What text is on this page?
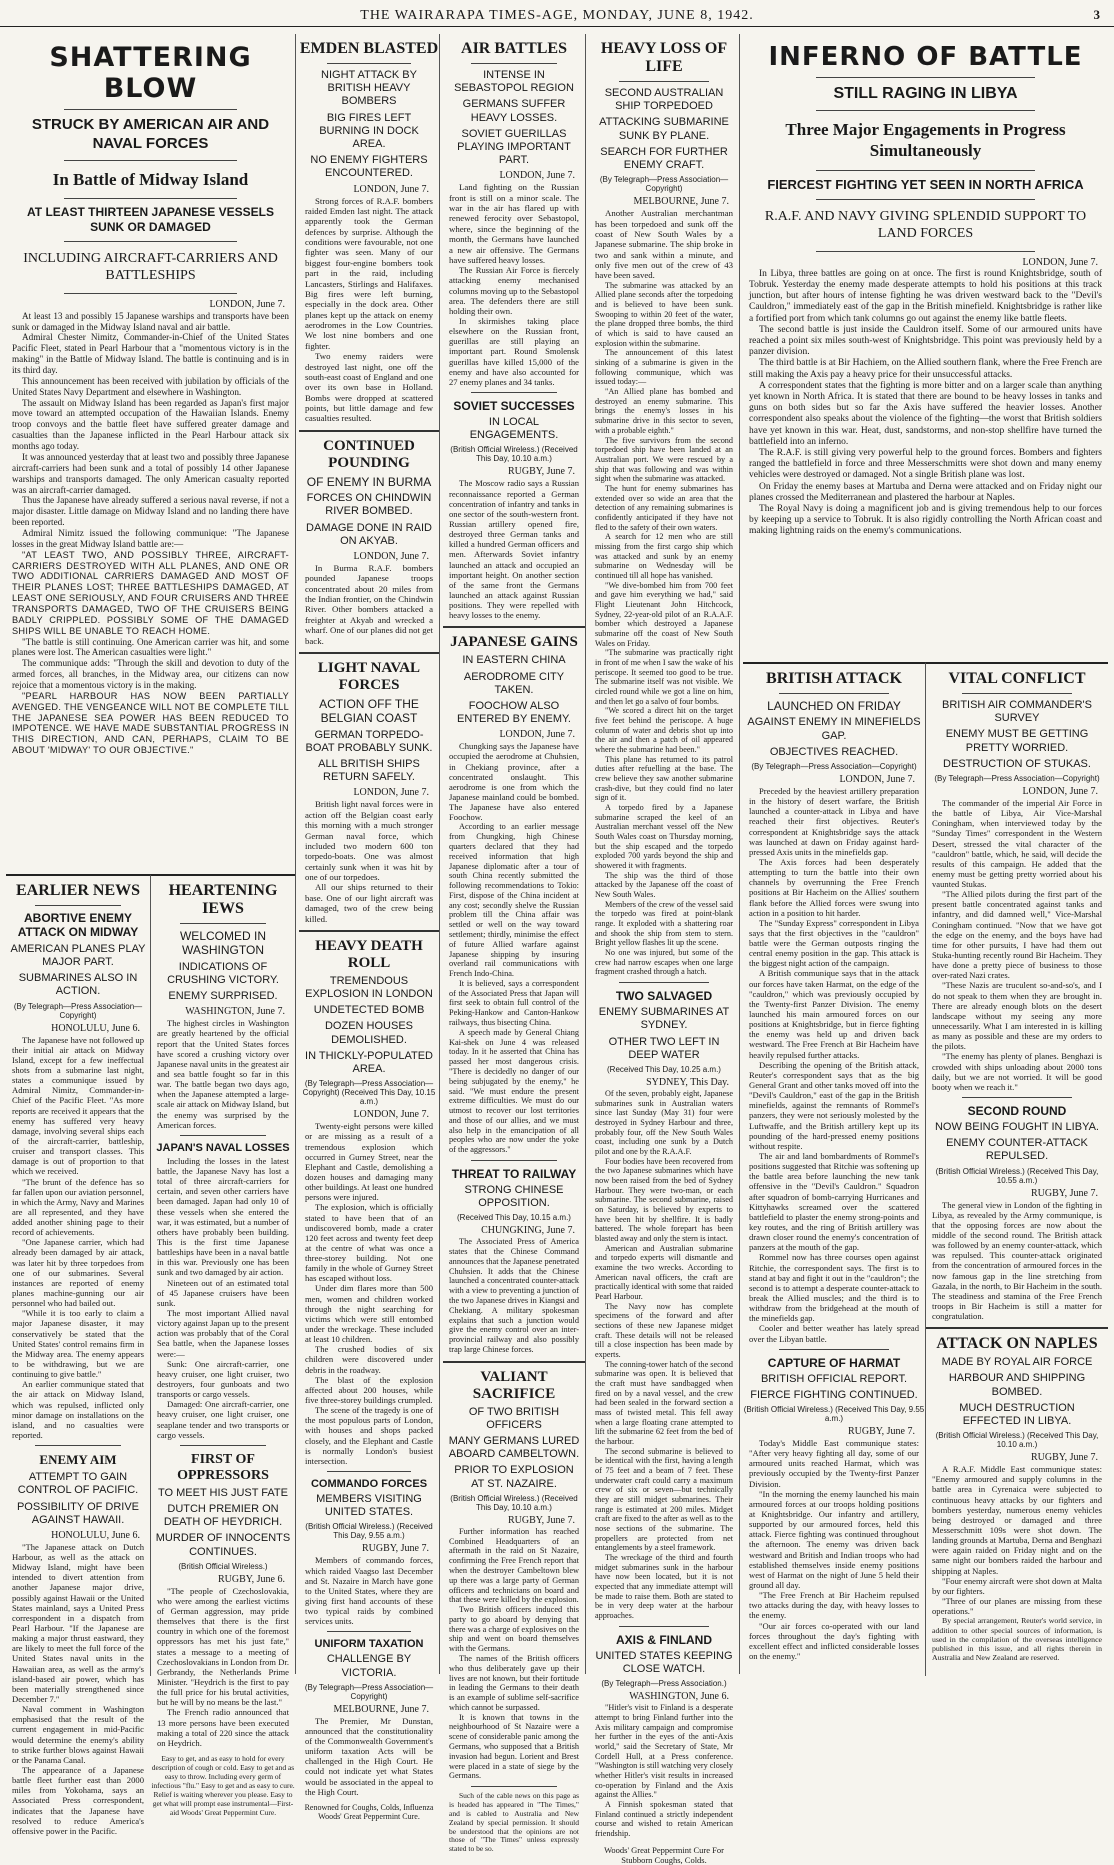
THE WAIRARAPA TIMES-AGE, MONDAY, JUNE 8, 1942.	3
SHATTERING BLOW
STRUCK BY AMERICAN AIR AND NAVAL FORCES
In Battle of Midway Island
AT LEAST THIRTEEN JAPANESE VESSELS SUNK OR DAMAGED
INCLUDING AIRCRAFT-CARRIERS AND BATTLESHIPS
LONDON, June 7.

At least 13 and possibly 15 Japanese warships and transports have been sunk or damaged in the Midway Island naval and air battle.

Admiral Chester Nimitz, Commander-in-Chief of the United States Pacific Fleet, stated in Pearl Harbour that a "momentous victory is in the making" in the Battle of Midway Island. The battle is continuing and is in its third day.

This announcement has been received with jubilation by officials of the United States Navy Department and elsewhere in Washington.

The assault on Midway Island has been regarded as Japan's first major move toward an attempted occupation of the Hawaiian Islands. Enemy troop convoys and the battle fleet have suffered greater damage and casualties than the Japanese inflicted in the Pearl Harbour attack six months ago today.

It was announced yesterday that at least two and possibly three Japanese aircraft-carriers had been sunk and a total of possibly 14 other Japanese warships and transports damaged. The only American casualty reported was an aircraft-carrier damaged.

Thus the Japanese have already suffered a serious naval reverse, if not a major disaster. Little damage on Midway Island and no landing there have been reported.

Admiral Nimitz issued the following communique: "The Japanese losses in the great Midway Island battle are:—

"AT LEAST TWO, AND POSSIBLY THREE, AIRCRAFT-CARRIERS DESTROYED WITH ALL PLANES, AND ONE OR TWO ADDITIONAL CARRIERS DAMAGED AND MOST OF THEIR PLANES LOST; THREE BATTLESHIPS DAMAGED, AT LEAST ONE SERIOUSLY, AND FOUR CRUISERS AND THREE TRANSPORTS DAMAGED, TWO OF THE CRUISERS BEING BADLY CRIPPLED. POSSIBLY SOME OF THE DAMAGED SHIPS WILL BE UNABLE TO REACH HOME.

"The battle is still continuing. One American carrier was hit, and some planes were lost. The American casualties were light."

The communique adds: "Through the skill and devotion to duty of the armed forces, all branches, in the Midway area, our citizens can now rejoice that a momentous victory is in the making.

"PEARL HARBOUR HAS NOW BEEN PARTIALLY AVENGED. THE VENGEANCE WILL NOT BE COMPLETE TILL THE JAPANESE SEA POWER HAS BEEN REDUCED TO IMPOTENCE. WE HAVE MADE SUBSTANTIAL PROGRESS IN THIS DIRECTION, AND CAN, PERHAPS, CLAIM TO BE ABOUT 'MIDWAY' TO OUR OBJECTIVE."

EARLIER NEWS
ABORTIVE ENEMY ATTACK ON MIDWAY
AMERICAN PLANES PLAY MAJOR PART.
SUBMARINES ALSO IN ACTION.
(By Telegraph—Press Association—Copyright)
HONOLULU, June 6.

The Japanese have not followed up their initial air attack on Midway Island, except for a few ineffectual shots from a submarine last night, states a communique issued by Admiral Nimitz, Commander-in-Chief of the Pacific Fleet. "As more reports are received it appears that the enemy has suffered very heavy damage, involving several ships each of the aircraft-carrier, battleship, cruiser and transport classes. This damage is out of proportion to that which we received.

"The brunt of the defence has so far fallen upon our aviation personnel, in which the Army, Navy and Marines are all represented, and they have added another shining page to their record of achievements.

"One Japanese carrier, which had already been damaged by air attack, was later hit by three torpedoes from one of our submarines. Several instances are reported of enemy planes machine-gunning our air personnel who had bailed out.

"While it is too early to claim a major Japanese disaster, it may conservatively be stated that the United States' control remains firm in the Midway area. The enemy appears to be withdrawing, but we are continuing to give battle."

An earlier communique stated that the air attack on Midway Island, which was repulsed, inflicted only minor damage on installations on the island, and no casualties were reported.

ENEMY AIM
ATTEMPT TO GAIN CONTROL OF PACIFIC.
POSSIBILITY OF DRIVE AGAINST HAWAII.
HONOLULU, June 6.

"The Japanese attack on Dutch Harbour, as well as the attack on Midway Island, might have been intended to divert attention from another Japanese major drive, possibly against Hawaii or the United States mainland, says a United Press correspondent in a dispatch from Pearl Harbour. "If the Japanese are making a major thrust eastward, they are likely to meet the full force of the United States naval units in the Hawaiian area, as well as the army's island-based air power, which has been materially strengthened since December 7."

Naval comment in Washington emphasised that the result of the current engagement in mid-Pacific would determine the enemy's ability to strike further blows against Hawaii or the Panama Canal.

The appearance of a Japanese battle fleet further east than 2000 miles from Yokohama, says an Associated Press correspondent, indicates that the Japanese have resolved to reduce America's offensive power in the Pacific.

HEARTENING IEWS
WELCOMED IN WASHINGTON
INDICATIONS OF CRUSHING VICTORY.
ENEMY SURPRISED.
WASHINGTON, June 7.

The highest circles in Washington are greatly heartened by the official report that the United States forces have scored a crushing victory over Japanese naval units in the greatest air and sea battle fought so far in this war. The battle began two days ago, when the Japanese attempted a large-scale air attack on Midway Island, but the enemy was surprised by the American forces.

JAPAN'S NAVAL LOSSES

Including the losses in the latest battle, the Japanese Navy has lost a total of three aircraft-carriers for certain, and seven other carriers have been damaged. Japan had only 10 of these vessels when she entered the war, it was estimated, but a number of others have probably been building. This is the first time Japanese battleships have been in a naval battle in this war. Previously one has been sunk and two damaged by air action.

Nineteen out of an estimated total of 45 Japanese cruisers have been sunk.

The most important Allied naval victory against Japan up to the present action was probably that of the Coral Sea battle, when the Japanese losses were:—

Sunk: One aircraft-carrier, one heavy cruiser, one light cruiser, two destroyers, four gunboats and two transports or cargo vessels.

Damaged: One aircraft-carrier, one heavy cruiser, one light cruiser, one seaplane tender and two transports or cargo vessels.

FIRST OF OPPRESSORS
TO MEET HIS JUST FATE
DUTCH PREMIER ON DEATH OF HEYDRICH.
MURDER OF INNOCENTS CONTINUES.
(British Official Wireless.)
RUGBY, June 6.

"The people of Czechoslovakia, who were among the earliest victims of German aggression, may pride themselves that there is the first country in which one of the foremost oppressors has met his just fate," states a message to a meeting of Czechoslovakians in London from Dr. Gerbrandy, the Netherlands Prime Minister. "Heydrich is the first to pay the full price for his brutal activities, but he will by no means be the last."

The French radio announced that 13 more persons have been executed making a total of 220 since the attack on Heydrich.

Easy to get, and as easy to hold for every description of cough or cold. Easy to get and as easy to throw. Including every germ of infectious "flu." Easy to get and as easy to cure. Relief is waiting wherever you please. Easy to get what will prompt ease instrumental—First-aid Woods' Great Peppermint Cure.
EMDEN BLASTED
NIGHT ATTACK BY BRITISH HEAVY BOMBERS
BIG FIRES LEFT BURNING IN DOCK AREA.
NO ENEMY FIGHTERS ENCOUNTERED.
LONDON, June 7.

Strong forces of R.A.F. bombers raided Emden last night. The attack apparently took the German defences by surprise. Although the conditions were favourable, not one fighter was seen. Many of our biggest four-engine bombers took part in the raid, including Lancasters, Stirlings and Halifaxes. Big fires were left burning, especially in the dock area. Other planes kept up the attack on enemy aerodromes in the Low Countries. We lost nine bombers and one fighter.

Two enemy raiders were destroyed last night, one off the south-east coast of England and one over its own base in Holland. Bombs were dropped at scattered points, but little damage and few casualties resulted.

CONTINUED POUNDING
OF ENEMY IN BURMA
FORCES ON CHINDWIN RIVER BOMBED.
DAMAGE DONE IN RAID ON AKYAB.
LONDON, June 7.

In Burma R.A.F. bombers pounded Japanese troops concentrated about 20 miles from the Indian frontier, on the Chindwin River. Other bombers attacked a freighter at Akyab and wrecked a wharf. One of our planes did not get back.

LIGHT NAVAL FORCES
ACTION OFF THE BELGIAN COAST
GERMAN TORPEDO-BOAT PROBABLY SUNK.
ALL BRITISH SHIPS RETURN SAFELY.
LONDON, June 7.

British light naval forces were in action off the Belgian coast early this morning with a much stronger German naval force, which included two modern 600 ton torpedo-boats. One was almost certainly sunk when it was hit by one of our torpedoes.

All our ships returned to their base. One of our light aircraft was damaged, two of the crew being killed.

HEAVY DEATH ROLL
TREMENDOUS EXPLOSION IN LONDON
UNDETECTED BOMB
DOZEN HOUSES DEMOLISHED.
IN THICKLY-POPULATED AREA.
(By Telegraph—Press Association—Copyright) (Received This Day, 10.15 a.m.)
LONDON, June 7.

Twenty-eight persons were killed or are missing as a result of a tremendous explosion which occurred in Gurney Street, near the Elephant and Castle, demolishing a dozen houses and damaging many other buildings. At least one hundred persons were injured.

The explosion, which is officially stated to have been that of an undiscovered bomb, made a crater 120 feet across and twenty feet deep at the centre of what was once a three-storey building. Not one family in the whole of Gurney Street has escaped without loss.

Under dim flares more than 500 men, women and children worked through the night searching for victims which were still entombed under the wreckage. These included at least 10 children.

The crushed bodies of six children were discovered under debris in the roadway.

The blast of the explosion affected about 200 houses, while five three-storey buildings crumpled.

The scene of the tragedy is one of the most populous parts of London, with houses and shops packed closely, and the Elephant and Castle is normally London's busiest intersection.

COMMANDO FORCES
MEMBERS VISITING UNITED STATES.
(British Official Wireless.) (Received This Day, 9.55 a.m.)
RUGBY, June 7.

Members of commando forces, which raided Vaagso last December and St. Nazaire in March have gone to the United States, where they are giving first hand accounts of these two typical raids by combined services units.

UNIFORM TAXATION
CHALLENGE BY VICTORIA.
(By Telegraph—Press Association—Copyright)
MELBOURNE, June 7.

The Premier, Mr Dunstan, announced that the constitutionality of the Commonwealth Government's uniform taxation Acts will be challenged in the High Court. He could not indicate yet what States would be associated in the appeal to the High Court.

Renowned for Coughs, Colds, Influenza Woods' Great Peppermint Cure.
AIR BATTLES
INTENSE IN SEBASTOPOL REGION
GERMANS SUFFER HEAVY LOSSES.
SOVIET GUERILLAS PLAYING IMPORTANT PART.
LONDON, June 7.

Land fighting on the Russian front is still on a minor scale. The war in the air has flared up with renewed ferocity over Sebastopol, where, since the beginning of the month, the Germans have launched a new air offensive. The Germans have suffered heavy losses.

The Russian Air Force is fiercely attacking enemy mechanised columns moving up to the Sebastopol area. The defenders there are still holding their own.

In skirmishes taking place elsewhere on the Russian front, guerillas are still playing an important part. Round Smolensk guerillas have killed 15,000 of the enemy and have also accounted for 27 enemy planes and 34 tanks.

SOVIET SUCCESSES
IN LOCAL ENGAGEMENTS.
(British Official Wireless.) (Received This Day, 10.10 a.m.)
RUGBY, June 7.

The Moscow radio says a Russian reconnaissance reported a German concentration of infantry and tanks in one sector of the south-western front. Russian artillery opened fire, destroyed three German tanks and killed a hundred German officers and men. Afterwards Soviet infantry launched an attack and occupied an important height. On another section of the same front the Germans launched an attack against Russian positions. They were repelled with heavy losses to the enemy.

JAPANESE GAINS
IN EASTERN CHINA
AERODROME CITY TAKEN.
FOOCHOW ALSO ENTERED BY ENEMY.
LONDON, June 7.

Chungking says the Japanese have occupied the aerodrome at Chuhsien, in Chekiang province, after a concentrated onslaught. This aerodrome is one from which the Japanese mainland could be bombed. The Japanese have also entered Foochow.

According to an earlier message from Chungking, high Chinese quarters declared that they had received information that high Japanese diplomatic after a tour of south China recently submitted the following recommendations to Tokio: First, dispose of the China incident at any cost; secondly shelve the Russian problem till the China affair was settled or well on the way toward settlement; thirdly, minimise the effect of future Allied warfare against Japanese shipping by insuring overland rail communications with French Indo-China.

It is believed, says a correspondent of the Associated Press that Japan will first seek to obtain full control of the Peking-Hankow and Canton-Hankow railways, thus bisecting China.

A speech made by General Chiang Kai-shek on June 4 was released today. In it he asserted that China has passed her most dangerous crisis. "There is decidedly no danger of our being subjugated by the enemy," he said. "We must endure the present extreme difficulties. We must do our utmost to recover our lost territories and those of our allies, and we must also help in the emancipation of all peoples who are now under the yoke of the aggressors."

THREAT TO RAILWAY
STRONG CHINESE OPPOSITION.
(Received This Day, 10.15 a.m.)
CHUNGKING, June 7.

The Associated Press of America states that the Chinese Command announces that the Japanese penetrated Chuhsien. It adds that the Chinese launched a concentrated counter-attack with a view to preventing a junction of the two Japanese drives in Kiangsi and Chekiang. A military spokesman explains that such a junction would give the enemy control over an inter-provincial railway and also possibly trap large Chinese forces.

VALIANT SACRIFICE
OF TWO BRITISH OFFICERS
MANY GERMANS LURED ABOARD CAMBELTOWN.
PRIOR TO EXPLOSION AT ST. NAZAIRE.
(British Official Wireless.) (Received This Day, 10.10 a.m.)
RUGBY, June 7.

Further information has reached Combined Headquarters of an aftermath in the raid on St Nazaire, confirming the Free French report that when the destroyer Cambeltown blew up there was a large party of German officers and technicians on board and that these were killed by the explosion.

Two British officers induced this party to go aboard by denying that there was a charge of explosives on the ship and went on board themselves with the Germans.

The names of the British officers who thus deliberately gave up their lives are not known, but their fortitude in leading the Germans to their death is an example of sublime self-sacrifice which cannot be surpassed.

It is known that towns in the neighbourhood of St Nazaire were a scene of considerable panic among the Germans, who supposed that a British invasion had begun. Lorient and Brest were placed in a state of siege by the Germans.

Such of the cable news on this page as is headed has appeared in "The Times," and is cabled to Australia and New Zealand by special permission. It should be understood that the opinions are not those of "The Times" unless expressly stated to be so.

HEAVY LOSS OF LIFE
SECOND AUSTRALIAN SHIP TORPEDOED
ATTACKING SUBMARINE SUNK BY PLANE.
SEARCH FOR FURTHER ENEMY CRAFT.
(By Telegraph—Press Association—Copyright)
MELBOURNE, June 7.

Another Australian merchantman has been torpedoed and sunk off the coast of New South Wales by a Japanese submarine. The ship broke in two and sank within a minute, and only five men out of the crew of 43 have been saved.

The submarine was attacked by an Allied plane seconds after the torpedoing and is believed to have been sunk. Swooping to within 20 feet of the water, the plane dropped three bombs, the third of which is said to have caused an explosion within the submarine.

The announcement of this latest sinking of a submarine is given in the following communique, which was issued today:—

"An Allied plane has bombed and destroyed an enemy submarine. This brings the enemy's losses in his submarine drive in this sector to seven, with a probable eighth."

The five survivors from the second torpedoed ship have been landed at an Australian port. We were rescued by a ship that was following and was within sight when the submarine was attacked.

The hunt for enemy submarines has extended over so wide an area that the detection of any remaining submarines is confidently anticipated if they have not fled to the safety of their own waters.

A search for 12 men who are still missing from the first cargo ship which was attacked and sunk by an enemy submarine on Wednesday will be continued till all hope has vanished.

"We dive-bombed him from 700 feet and gave him everything we had," said Flight Lieutenant John Hitchcock, Sydney, 22-year-old pilot of an R.A.A.F. bomber which destroyed a Japanese submarine off the coast of New South Wales on Friday.

"The submarine was practically right in front of me when I saw the wake of his periscope. It seemed too good to be true. The submarine itself was not visible. We circled round while we got a line on him, and then let go a salvo of four bombs.

"We scored a direct hit on the target five feet behind the periscope. A huge column of water and debris shot up into the air and then a patch of oil appeared where the submarine had been."

This plane has returned to its patrol duties after refuelling at the base. The crew believe they saw another submarine crash-dive, but they could find no later sign of it.

A torpedo fired by a Japanese submarine scraped the keel of an Australian merchant vessel off the New South Wales coast on Thursday morning, but the ship escaped and the torpedo exploded 700 yards beyond the ship and showered it with fragments.

The ship was the third of those attacked by the Japanese off the coast of New South Wales.

Members of the crew of the vessel said the torpedo was fired at point-blank range. It exploded with a shattering roar and shook the ship from stem to stern. Bright yellow flashes lit up the scene.

No one was injured, but some of the crew had narrow escapes when one large fragment crashed through a hatch.

TWO SALVAGED
ENEMY SUBMARINES AT SYDNEY.
OTHER TWO LEFT IN DEEP WATER
(Received This Day, 10.25 a.m.)
SYDNEY, This Day.

Of the seven, probably eight, Japanese submarines sunk in Australian waters since last Sunday (May 31) four were destroyed in Sydney Harbour and three, probably four, off the New South Wales coast, including one sunk by a Dutch pilot and one by the R.A.A.F.

Four bodies have been recovered from the two Japanese submarines which have now been raised from the bed of Sydney Harbour. They were two-man, or each submarine. The second submarine, raised on Saturday, is believed by experts to have been hit by shellfire. It is badly battered. The whole forepart has been blasted away and only the stern is intact.

American and Australian submarine and torpedo experts will dismantle and examine the two wrecks. According to American naval officers, the craft are practically identical with some that raided Pearl Harbour.

The Navy now has complete specimens of the forward and after sections of these new Japanese midget craft. These details will not be released till a close inspection has been made by experts.

The conning-tower hatch of the second submarine was open. It is believed that the craft must have sandbagged when fired on by a naval vessel, and the crew had been sealed in the forward section a mass of twisted metal. This fell away when a large floating crane attempted to lift the submarine 62 feet from the bed of the harbour.

The second submarine is believed to be identical with the first, having a length of 75 feet and a beam of 7 feet. These underwater craft could carry a maximum crew of six or seven—but technically they are still midget submarines. Their range is estimated at 200 miles. Midget craft are fixed to the after as well as to the nose sections of the submarine. The propellers are protected from net entanglements by a steel framework.

The wreckage of the third and fourth midget submarines sunk in the harbour have now been located, but it is not expected that any immediate attempt will be made to raise them. Both are stated to be in very deep water at the harbour approaches.

AXIS & FINLAND
UNITED STATES KEEPING CLOSE WATCH.
(By Telegraph—Press Association.)
WASHINGTON, June 6.

"Hitler's visit to Finland is a desperate attempt to bring Finland further into the Axis military campaign and compromise her further in the eyes of the anti-Axis world," said the Secretary of State, Mr Cordell Hull, at a Press conference. "Washington is still watching very closely whether Hitler's visit results in increased co-operation by Finland and the Axis against the Allies."

A Finnish spokesman stated that Finland continued a strictly independent course and wished to retain American friendship.

Woods' Great Peppermint Cure For Stubborn Coughs, Colds.
INFERNO OF BATTLE
STILL RAGING IN LIBYA
Three Major Engagements in Progress Simultaneously
FIERCEST FIGHTING YET SEEN IN NORTH AFRICA
R.A.F. AND NAVY GIVING SPLENDID SUPPORT TO LAND FORCES
LONDON, June 7.

In Libya, three battles are going on at once. The first is round Knightsbridge, south of Tobruk. Yesterday the enemy made desperate attempts to hold his positions at this track junction, but after hours of intense fighting he was driven westward back to the "Devil's Cauldron," immediately east of the gap in the British minefield. Knightsbridge is rather like a fortified port from which tank columns go out against the enemy like battle fleets.

The second battle is just inside the Cauldron itself. Some of our armoured units have reached a point six miles south-west of Knightsbridge. This point was previously held by a panzer division.

The third battle is at Bir Hachiem, on the Allied southern flank, where the Free French are still making the Axis pay a heavy price for their unsuccessful attacks.

A correspondent states that the fighting is more bitter and on a larger scale than anything yet known in North Africa. It is stated that there are bound to be heavy losses in tanks and guns on both sides but so far the Axis have suffered the heavier losses. Another correspondent also speaks about the violence of the fighting—the worst that British soldiers have yet known in this war. Heat, dust, sandstorms, and non-stop shellfire have turned the battlefield into an inferno.

The R.A.F. is still giving very powerful help to the ground forces. Bombers and fighters ranged the battlefield in force and three Messerschmitts were shot down and many enemy vehicles were destroyed or damaged. Not a single British plane was lost.

On Friday the enemy bases at Martuba and Derna were attacked and on Friday night our planes crossed the Mediterranean and plastered the harbour at Naples.

The Royal Navy is doing a magnificent job and is giving tremendous help to our forces by keeping up a service to Tobruk. It is also rigidly controlling the North African coast and making lightning raids on the enemy's communications.

BRITISH ATTACK
LAUNCHED ON FRIDAY
AGAINST ENEMY IN MINEFIELDS GAP.
OBJECTIVES REACHED.
(By Telegraph—Press Association—Copyright)
LONDON, June 7.

Preceded by the heaviest artillery preparation in the history of desert warfare, the British launched a counter-attack in Libya and have reached their first objectives. Reuter's correspondent at Knightsbridge says the attack was launched at dawn on Friday against hard-pressed Axis units in the minefields gap.

The Axis forces had been desperately attempting to turn the battle into their own channels by overrunning the Free French positions at Bir Hacheim on the Allies' southern flank before the Allied forces were swung into action in a position to hit harder.

The "Sunday Express" correspondent in Libya says that the first objectives in the "cauldron" battle were the German outposts ringing the central enemy position in the gap. This attack is the biggest night action of the campaign.

A British communique says that in the attack our forces have taken Harmat, on the edge of the "cauldron," which was previously occupied by the Twenty-first Panzer Division. The enemy launched his main armoured forces on our positions at Knightsbridge, but in fierce fighting the enemy was held up and driven back westward. The Free French at Bir Hacheim have heavily repulsed further attacks.

Describing the opening of the British attack, Reuter's correspondent says that as the big General Grant and other tanks moved off into the "Devil's Cauldron," east of the gap in the British minefields, against the remnants of Rommel's panzers, they were not seriously molested by the Luftwaffe, and the British artillery kept up its pounding of the hard-pressed enemy positions without respite.

The air and land bombardments of Rommel's positions suggested that Ritchie was softening up the battle area before launching the new tank offensive in the "Devil's Cauldron." Squadron after squadron of bomb-carrying Hurricanes and Kittyhawks screamed over the scattered battlefield to plaster the enemy strong-points and key routes, and the ring of British artillery was drawn closer round the enemy's concentration of panzers at the mouth of the gap.

Rommel now has three courses open against Ritchie, the correspondent says. The first is to stand at bay and fight it out in the "cauldron"; the second is to attempt a desperate counter-attack to break the Allied muscles; and the third is to withdraw from the bridgehead at the mouth of the minefields gap.

Cooler and better weather has lately spread over the Libyan battle.

CAPTURE OF HARMAT
BRITISH OFFICIAL REPORT.
FIERCE FIGHTING CONTINUED.
(British Official Wireless.) (Received This Day, 9.55 a.m.)
RUGBY, June 7.

Today's Middle East communique states: "After very heavy fighting all day, some of our armoured units reached Harmat, which was previously occupied by the Twenty-first Panzer Division.

"In the morning the enemy launched his main armoured forces at our troops holding positions at Knightsbridge. Our infantry and artillery, supported by our armoured forces, held this attack. Fierce fighting was continued throughout the afternoon. The enemy was driven back westward and British and Indian troops who had established themselves inside enemy positions west of Harmat on the night of June 5 held their ground all day.

"The Free French at Bir Hacheim repulsed two attacks during the day, with heavy losses to the enemy.

"Our air forces co-operated with our land forces throughout the day's fighting with excellent effect and inflicted considerable losses on the enemy."

VITAL CONFLICT
BRITISH AIR COMMANDER'S SURVEY
ENEMY MUST BE GETTING PRETTY WORRIED.
DESTRUCTION OF STUKAS.
(By Telegraph—Press Association—Copyright)
LONDON, June 7.

The commander of the imperial Air Force in the battle of Libya, Air Vice-Marshal Coningham, when interviewed today by the "Sunday Times" correspondent in the Western Desert, stressed the vital character of the "cauldron" battle, which, he said, will decide the results of this campaign. He added that the enemy must be getting pretty worried about his vaunted Stukas.

"The Allied pilots during the first part of the present battle concentrated against tanks and infantry, and did damned well," Vice-Marshal Coningham continued. "Now that we have got the edge on the enemy, and the boys have had time for other pursuits, I have had them out Stuka-hunting recently round Bir Hacheim. They have done a pretty piece of business to those over-rated Nazi crates.

"These Nazis are truculent so-and-so's, and I do not speak to them when they are brought in. There are already enough blots on the desert landscape without my seeing any more unnecessarily. What I am interested in is killing as many as possible and these are my orders to the pilots.

"The enemy has plenty of planes. Benghazi is crowded with ships unloading about 2000 tons daily, but we are not worried. It will be good booty when we reach it."

SECOND ROUND
NOW BEING FOUGHT IN LIBYA.
ENEMY COUNTER-ATTACK REPULSED.
(British Official Wireless.) (Received This Day, 10.55 a.m.)
RUGBY, June 7.

The general view in London of the fighting in Libya, as revealed by the Army communique, is that the opposing forces are now about the middle of the second round. The British attack was followed by an enemy counter-attack, which was repulsed. This counter-attack originated from the concentration of armoured forces in the now famous gap in the line stretching from Gazala, in the north, to Bir Hacheim in the south. The steadiness and stamina of the Free French troops in Bir Hacheim is still a matter for congratulation.

ATTACK ON NAPLES
MADE BY ROYAL AIR FORCE
HARBOUR AND SHIPPING BOMBED.
MUCH DESTRUCTION EFFECTED IN LIBYA.
(British Official Wireless.) (Received This Day, 10.10 a.m.)
RUGBY, June 7.

A R.A.F. Middle East communique states: "Enemy armoured and supply columns in the battle area in Cyrenaica were subjected to continuous heavy attacks by our fighters and bombers yesterday, numerous enemy vehicles being destroyed or damaged and three Messerschmitt 109s were shot down. The landing grounds at Martuba, Derna and Benghazi were again raided on Friday night and on the same night our bombers raided the harbour and shipping at Naples.

"Four enemy aircraft were shot down at Malta by our fighters.

"Three of our planes are missing from these operations."

By special arrangement, Reuter's world service, in addition to other special sources of information, is used in the compilation of the overseas intelligence published in this issue, and all rights therein in Australia and New Zealand are reserved.
